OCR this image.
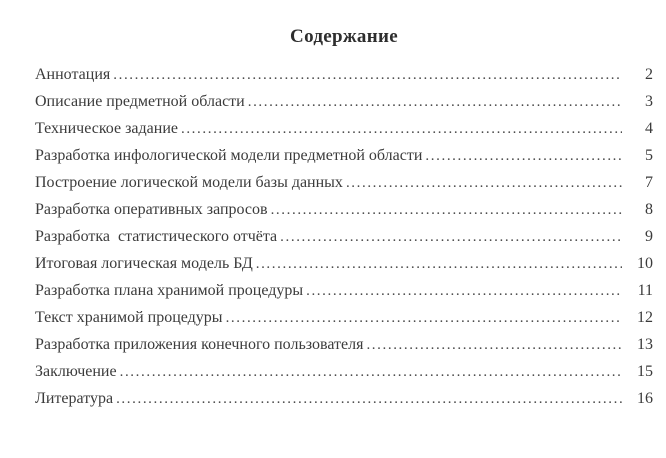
Содержание
Аннотация .....	2
Описание предметной области .....	3
Техническое задание .....	4
Разработка инфологической модели предметной области .....	5
Построение логической модели базы данных .....	7
Разработка оперативных запросов .....	8
Разработка  статистического отчёта .....	9
Итоговая логическая модель БД .....	10
Разработка плана хранимой процедуры .....	11
Текст хранимой процедуры .....	12
Разработка приложения конечного пользователя .....	13
Заключение .....	15
Литература .....	16
